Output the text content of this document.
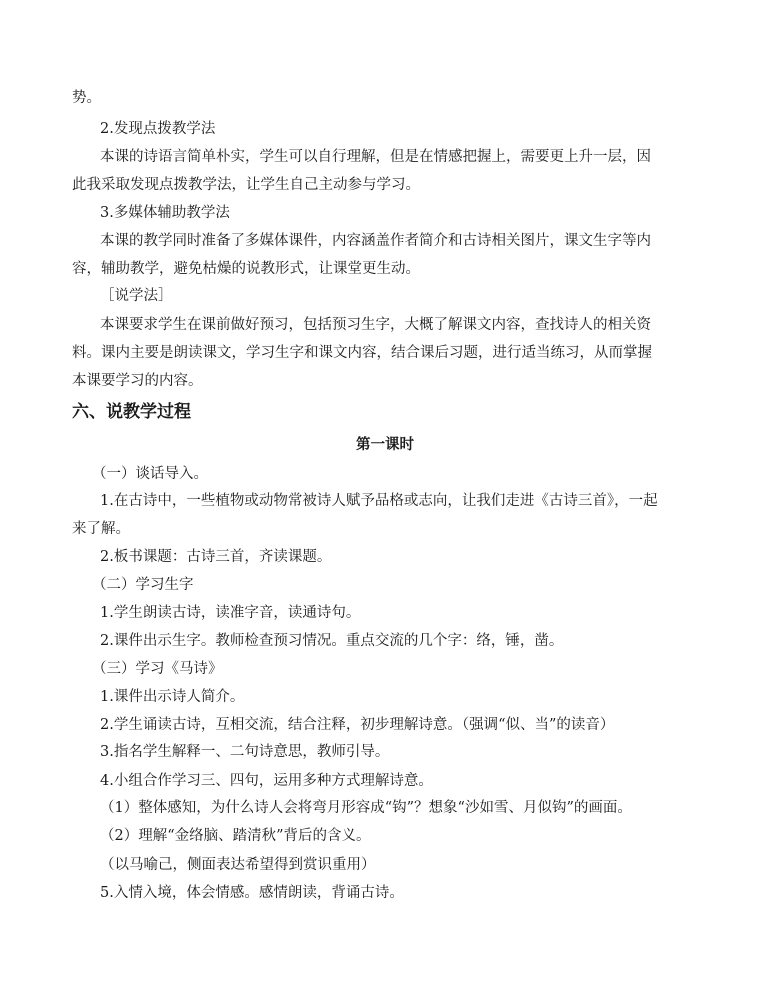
势。
2.发现点拨教学法
本课的诗语言简单朴实，学生可以自行理解，但是在情感把握上，需要更上升一层，因
此我采取发现点拨教学法，让学生自己主动参与学习。
3.多媒体辅助教学法
本课的教学同时准备了多媒体课件，内容涵盖作者简介和古诗相关图片，课文生字等内
容，辅助教学，避免枯燥的说教形式，让课堂更生动。
［说学法］
本课要求学生在课前做好预习，包括预习生字，大概了解课文内容，查找诗人的相关资
料。课内主要是朗读课文，学习生字和课文内容，结合课后习题，进行适当练习，从而掌握
本课要学习的内容。
六、说教学过程
第一课时
（一）谈话导入。
1.在古诗中，一些植物或动物常被诗人赋予品格或志向，让我们走进《古诗三首》，一起
来了解。
2.板书课题：古诗三首，齐读课题。
（二）学习生字
1.学生朗读古诗，读准字音，读通诗句。
2.课件出示生字。教师检查预习情况。重点交流的几个字：络，锤，凿。
（三）学习《马诗》
1.课件出示诗人简介。
2.学生诵读古诗，互相交流，结合注释，初步理解诗意。（强调“似、当”的读音）
3.指名学生解释一、二句诗意思，教师引导。
4.小组合作学习三、四句，运用多种方式理解诗意。
（1）整体感知，为什么诗人会将弯月形容成“钩”？想象“沙如雪、月似钩”的画面。
（2）理解“金络脑、踏清秋”背后的含义。
（以马喻己，侧面表达希望得到赏识重用）
5.入情入境，体会情感。感情朗读，背诵古诗。
